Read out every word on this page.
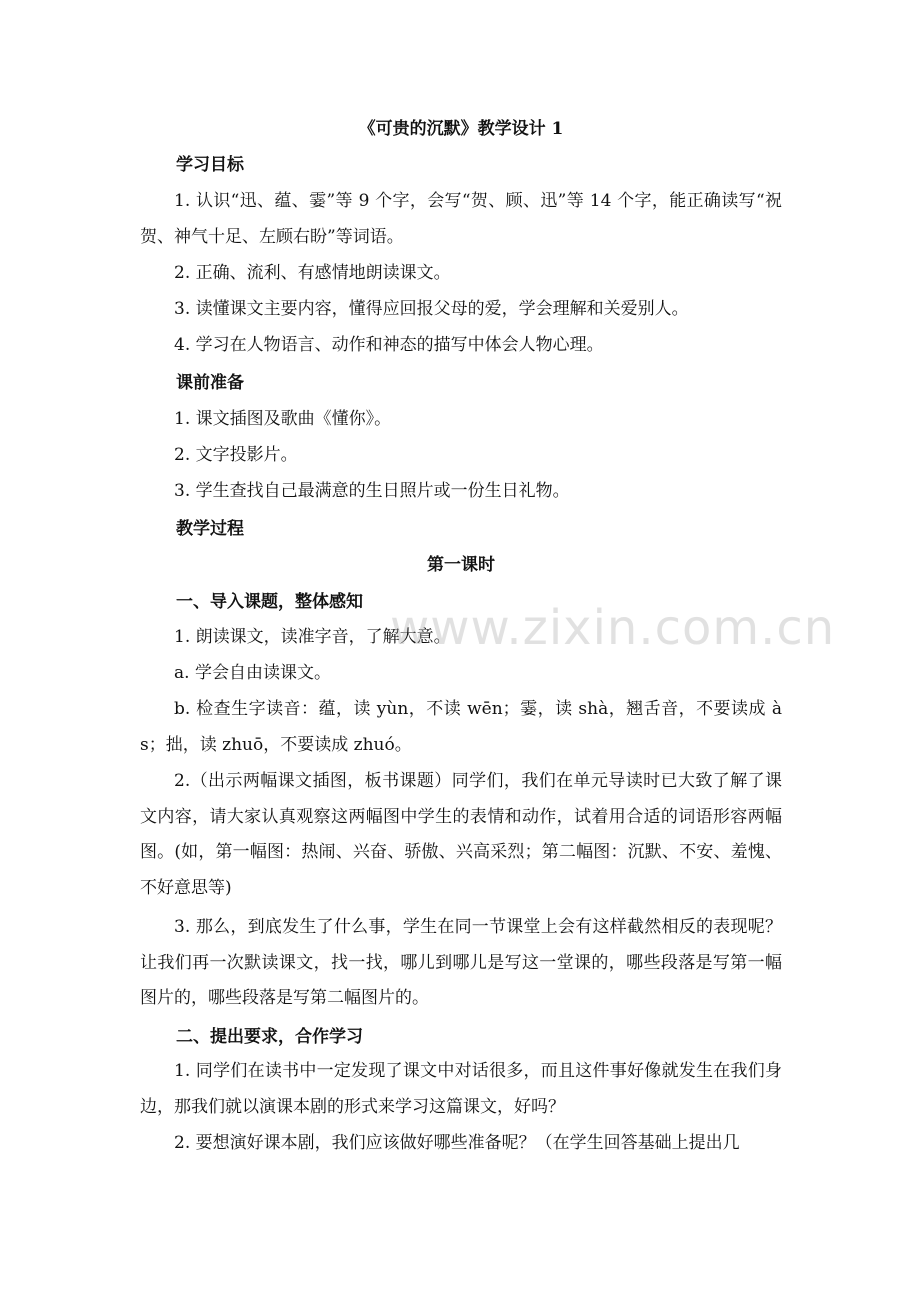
《可贵的沉默》教学设计 1
学习目标

1. 认识“迅、蕴、霎”等 9 个字，会写“贺、顾、迅”等 14 个字，能正确读写“祝贺、神气十足、左顾右盼”等词语。

2. 正确、流利、有感情地朗读课文。

3. 读懂课文主要内容，懂得应回报父母的爱，学会理解和关爱别人。

4. 学习在人物语言、动作和神态的描写中体会人物心理。

课前准备

1. 课文插图及歌曲《懂你》。

2. 文字投影片。

3. 学生查找自己最满意的生日照片或一份生日礼物。

教学过程
第一课时
一、导入课题，整体感知

1. 朗读课文，读准字音，了解大意。

a. 学会自由读课文。

b. 检查生字读音：蕴，读 yùn，不读 wēn；霎，读 shà，翘舌音，不要读成 à s；拙，读 zhuō，不要读成 zhuó。

2.（出示两幅课文插图，板书课题）同学们，我们在单元导读时已大致了解了课文内容，请大家认真观察这两幅图中学生的表情和动作，试着用合适的词语形容两幅图。(如，第一幅图：热闹、兴奋、骄傲、兴高采烈；第二幅图：沉默、不安、羞愧、不好意思等)

3. 那么，到底发生了什么事，学生在同一节课堂上会有这样截然相反的表现呢？让我们再一次默读课文，找一找，哪儿到哪儿是写这一堂课的，哪些段落是写第一幅图片的，哪些段落是写第二幅图片的。

二、提出要求，合作学习

1. 同学们在读书中一定发现了课文中对话很多，而且这件事好像就发生在我们身边，那我们就以演课本剧的形式来学习这篇课文，好吗？

2. 要想演好课本剧，我们应该做好哪些准备呢？（在学生回答基础上提出几

www.zixin.com.cn
